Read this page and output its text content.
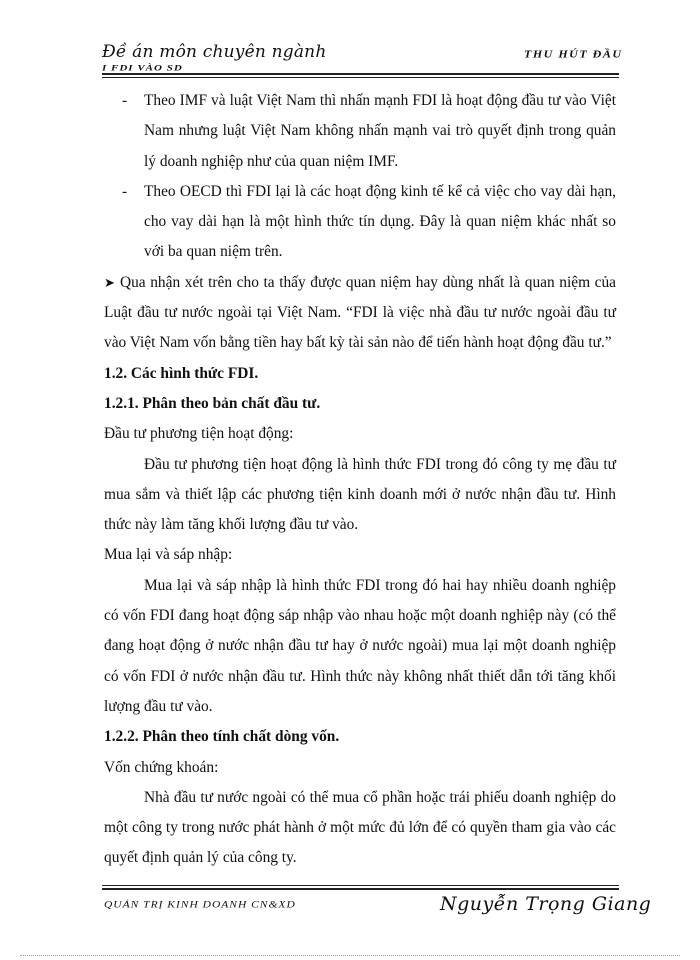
Đề án môn chuyên ngành
I FDI VÀO SD
THU HÚT ĐẦU
-	Theo IMF và luật Việt Nam thì nhấn mạnh FDI là hoạt động đầu tư vào Việt Nam nhưng luật Việt Nam không nhấn mạnh vai trò quyết định trong quản lý doanh nghiệp như của quan niệm IMF.
-	Theo OECD thì FDI lại là các hoạt động kinh tế kể cả việc cho vay dài hạn, cho vay dài hạn là một hình thức tín dụng. Đây là quan niệm khác nhất so với ba quan niệm trên.

➤ Qua nhận xét trên cho ta thấy được quan niệm hay dùng nhất là quan niệm của Luật đầu tư nước ngoài tại Việt Nam. “FDI là việc nhà đầu tư nước ngoài đầu tư vào Việt Nam vốn bằng tiền hay bất kỳ tài sản nào để tiến hành hoạt động đầu tư.”

1.2. Các hình thức FDI.

1.2.1. Phân theo bản chất đầu tư.

Đầu tư phương tiện hoạt động:

Đầu tư phương tiện hoạt động là hình thức FDI trong đó công ty mẹ đầu tư mua sắm và thiết lập các phương tiện kinh doanh mới ở nước nhận đầu tư. Hình thức này làm tăng khối lượng đầu tư vào.

Mua lại và sáp nhập:

Mua lại và sáp nhập là hình thức FDI trong đó hai hay nhiều doanh nghiệp có vốn FDI đang hoạt động sáp nhập vào nhau hoặc một doanh nghiệp này (có thể đang hoạt động ở nước nhận đầu tư hay ở nước ngoài) mua lại một doanh nghiệp có vốn FDI ở nước nhận đầu tư. Hình thức này không nhất thiết dẫn tới tăng khối lượng đầu tư vào.

1.2.2. Phân theo tính chất dòng vốn.

Vốn chứng khoán:

Nhà đầu tư nước ngoài có thể mua cổ phần hoặc trái phiếu doanh nghiệp do một công ty trong nước phát hành ở một mức đủ lớn để có quyền tham gia vào các quyết định quản lý của công ty.

QUẢN TRỊ KINH DOANH CN&XD	Nguyễn Trọng Giang
